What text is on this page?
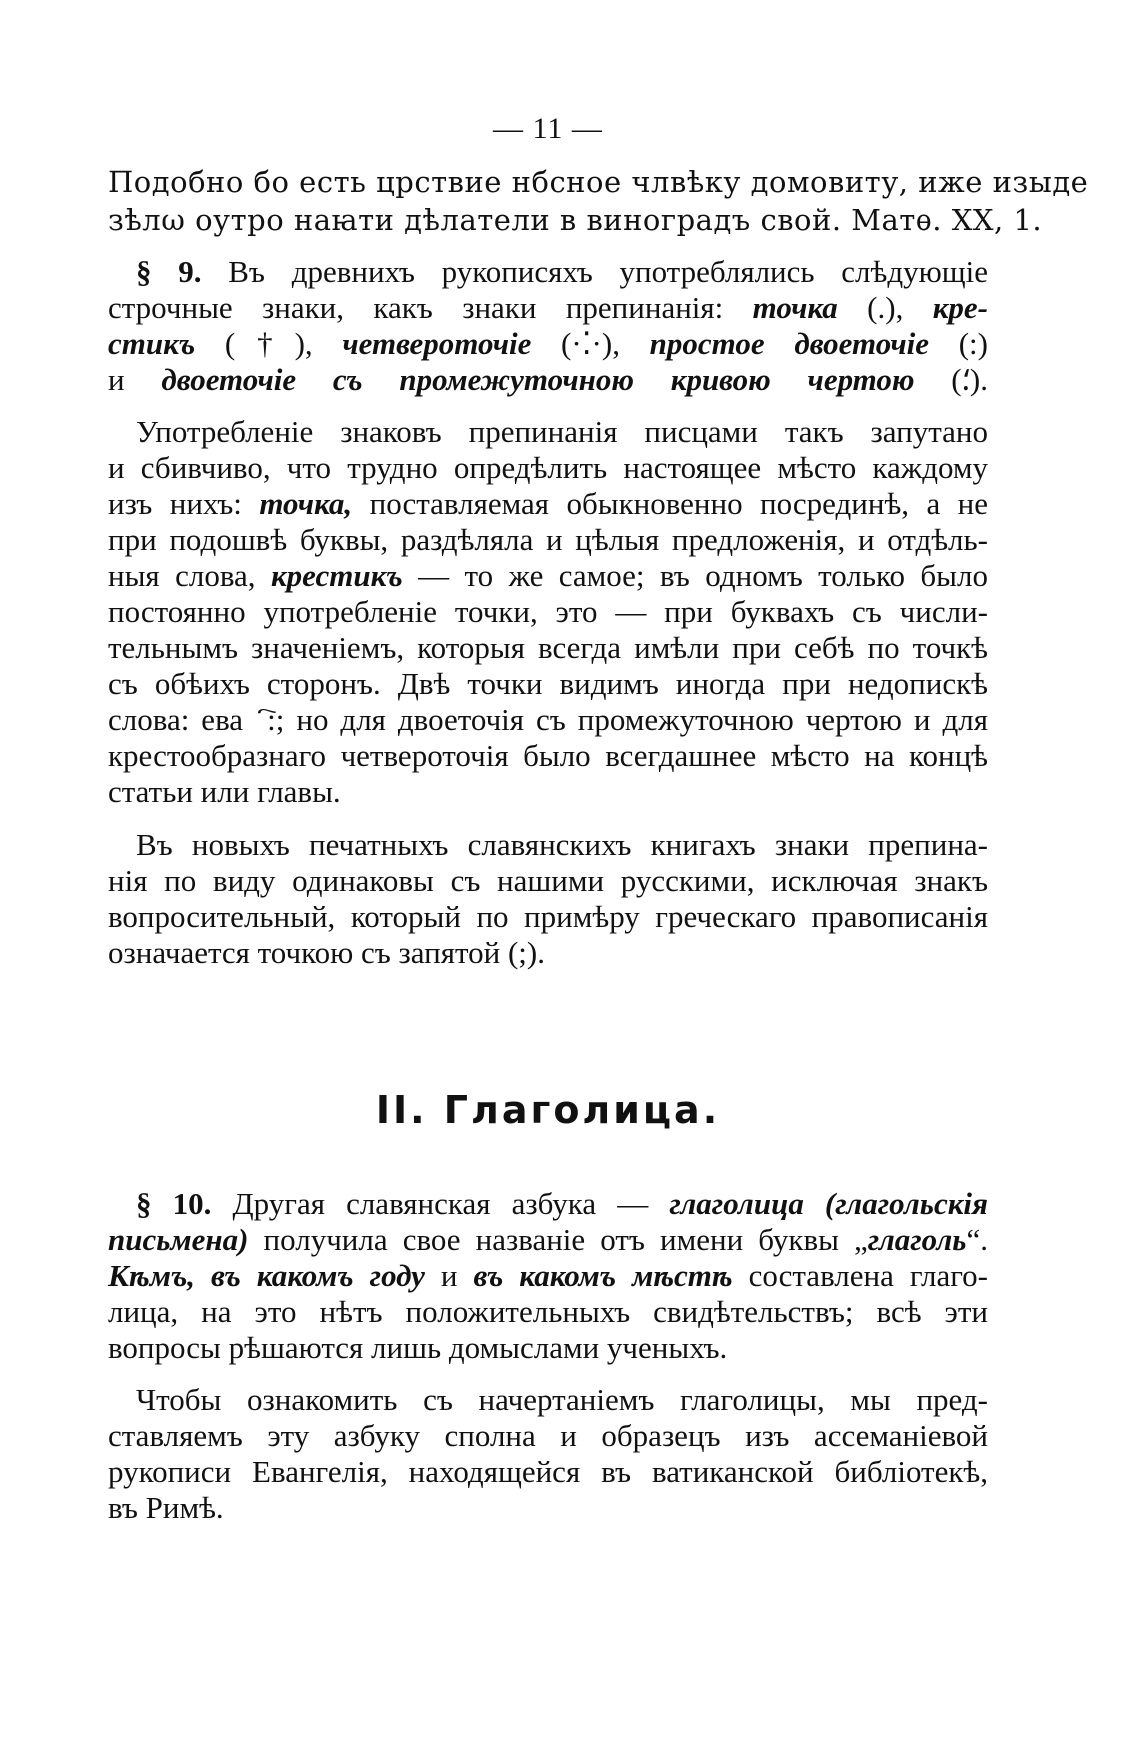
— 11 —
Подобно бо есть црствие нбсное члвѣку домовиту, иже изыде
зѣлω оутро наꙗти дѣлатели в виноградъ свой. Матѳ. XX, 1.
§ 9. Въ древнихъ рукописяхъ употреблялись слѣдующіе
строчные знаки, какъ знаки препинанія: точка (.), кре-
стикъ (†), четвероточіе (·⁚·), простое двоеточіе (:)
и двоеточіе съ промежуточною кривою чертою (⸵).
Употребленіе знаковъ препинанія писцами такъ запутано
и сбивчиво, что трудно опредѣлить настоящее мѣсто каждому
изъ нихъ: точка, поставляемая обыкновенно посрединѣ, а не
при подошвѣ буквы, раздѣляла и цѣлыя предложенія, и отдѣль-
ныя слова, крестикъ — то же самое; въ одномъ только было
постоянно употребленіе точки, это — при буквахъ съ числи-
тельнымъ значеніемъ, которыя всегда имѣли при себѣ по точкѣ
съ обѣихъ сторонъ. Двѣ точки видимъ иногда при недопискѣ
слова: еваⷩ҇:; но для двоеточія съ промежуточною чертою и для
крестообразнаго четвероточія было всегдашнее мѣсто на концѣ
статьи или главы.
Въ новыхъ печатныхъ славянскихъ книгахъ знаки препина-
нія по виду одинаковы съ нашими русскими, исключая знакъ
вопросительный, который по примѣру греческаго правописанія
означается точкою съ запятой (;).
II. Глаголица.
§ 10. Другая славянская азбука — глаголица (глагольскія
письмена) получила свое названіе отъ имени буквы „глаголь“.
Кѣмъ, въ какомъ году и въ какомъ мѣстѣ составлена глаго-
лица, на это нѣтъ положительныхъ свидѣтельствъ; всѣ эти
вопросы рѣшаются лишь домыслами ученыхъ.
Чтобы ознакомить съ начертаніемъ глаголицы, мы пред-
ставляемъ эту азбуку сполна и образецъ изъ ассеманіевой
рукописи Евангелія, находящейся въ ватиканской библіотекѣ,
въ Римѣ.
